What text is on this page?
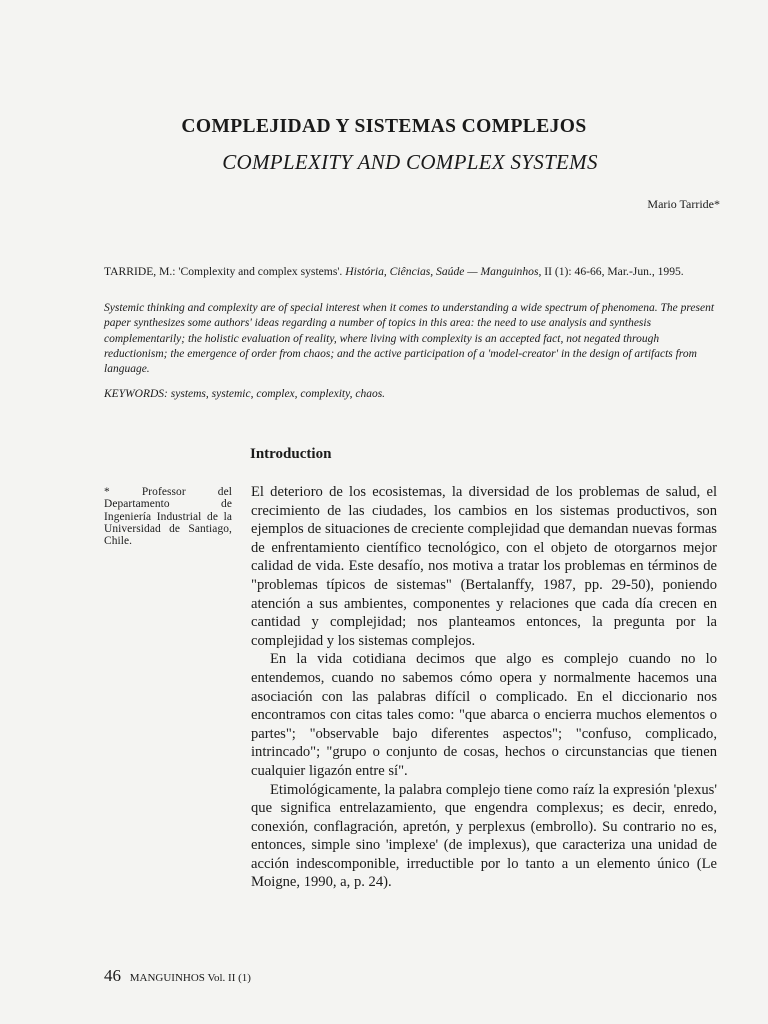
COMPLEJIDAD Y SISTEMAS COMPLEJOS
COMPLEXITY AND COMPLEX SYSTEMS
Mario Tarride*
TARRIDE, M.: 'Complexity and complex systems'. História, Ciências, Saúde — Manguinhos, II (1): 46-66, Mar.-Jun., 1995.
Systemic thinking and complexity are of special interest when it comes to understanding a wide spectrum of phenomena. The present paper synthesizes some authors' ideas regarding a number of topics in this area: the need to use analysis and synthesis complementarily; the holistic evaluation of reality, where living with complexity is an accepted fact, not negated through reductionism; the emergence of order from chaos; and the active participation of a 'model-creator' in the design of artifacts from language.
KEYWORDS: systems, systemic, complex, complexity, chaos.
Introduction
* Professor del Departamento de Ingeniería Industrial de la Universidad de Santiago, Chile.

El deterioro de los ecosistemas, la diversidad de los problemas de salud, el crecimiento de las ciudades, los cambios en los sistemas productivos, son ejemplos de situaciones de creciente complejidad que demandan nuevas formas de enfrentamiento científico tecnológico, con el objeto de otorgarnos mejor calidad de vida. Este desafío, nos motiva a tratar los problemas en términos de "problemas típicos de sistemas" (Bertalanffy, 1987, pp. 29-50), poniendo atención a sus ambientes, componentes y relaciones que cada día crecen en cantidad y complejidad; nos planteamos entonces, la pregunta por la complejidad y los sistemas complejos.

En la vida cotidiana decimos que algo es complejo cuando no lo entendemos, cuando no sabemos cómo opera y normalmente hacemos una asociación con las palabras difícil o complicado. En el diccionario nos encontramos con citas tales como: "que abarca o encierra muchos elementos o partes"; "observable bajo diferentes aspectos"; "confuso, complicado, intrincado"; "grupo o conjunto de cosas, hechos o circunstancias que tienen cualquier ligazón entre sí".

Etimológicamente, la palabra complejo tiene como raíz la expresión 'plexus' que significa entrelazamiento, que engendra complexus; es decir, enredo, conexión, conflagración, apretón, y perplexus (embrollo). Su contrario no es, entonces, simple sino 'implexe' (de implexus), que caracteriza una unidad de acción indescomponible, irreductible por lo tanto a un elemento único (Le Moigne, 1990, a, p. 24).

46 MANGUINHOS Vol. II (1)
